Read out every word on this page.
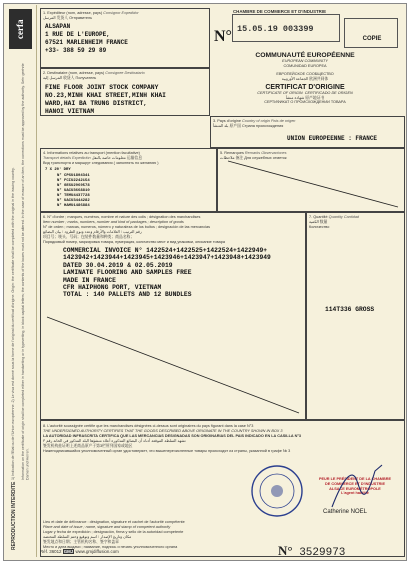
cerfa
1) Indication de l'Etat ou de l'Union européenne. 2) Le visa est donné sous la forme de l'original du certificat d'origine. Origin: the certificate shall be completed with the original in the issuing country.	Information on the certificate of origin shall be completed either in handwriting or in typewriting, in block capital letters; the contents of the boxes must not be altered. In the case of erasure of an item, the corrections must be approved by the authority. Sehr geehrte Damen und Herren.
REPRODUCTION INTERDITE
1. Expéditeur (nom, adresse, pays) Consignor Expedidor
المرسل 发货人 Отправитель
ALSAPAN
1 RUE DE L'EUROPE,
67521 MARLENHEIM FRANCE
+33- 388 59 29 89
N°
CHAMBRE DE COMMERCE ET D'INDUSTRIE
15.05.19 003399
COPIE
COMMUNAUTÉ EUROPÉENNE
EUROPEAN COMMUNITY
COMUNIDAD EUROPEA
ЕВРОПЕЙСКОЕ СООБЩЕСТВО
الجماعة الأوروبية 欧洲共同体
CERTIFICAT D'ORIGINE
CERTIFICATE OF ORIGIN CERTIFICADO DE ORIGEN
شهادة منشأ 原产地证书
СЕРТИФИКАТ О ПРОИСХОЖДЕНИИ ТОВАРА
2. Destinataire (nom, adresse, pays) Consignee Destinatario
المرسل إليه 收货人 Получатель
FINE FLOOR JOINT STOCK COMPANY
NO.23,MINH KHAI STREET,MINH KHAI
WARD,HAI BA TRUNG DISTRICT,
HANOI VIETNAM
3. Pays d'origine Country of origin País de origen
بلد المنشأ 原产国 Страна происхождения
UNION EUROPEENNE : FRANCE
4. Informations relatives au transport (mention facultative)
Transport details Expedición معلومات خاصة بالنقل 运输信息
Вид транспорта и маршрут следования ( заполнять по желанию )
7 X 20' DRY
N° CPSU1804341
N° FCIU2242154
N° GESU2969578
N° UACU3668810
N° TEMU4437728
N° UACU3444282
N° HAMU1486884
5. Remarques Remarks Observaciones
ملاحظات 备注 Для служебных отметок
6. N° d'ordre ; marques, numéros, nombre et nature des colis ; désignation des marchandises
Item number ; marks, numbers, number and kind of packages ; description of goods
N° de orden ; marcas, numeros, número y naturaleza de los bultos ; designación de las mercancias
رقم الترتيب ؛ العلامات والأرقام وعدد ونوع الطرود ؛ بيان البضائع
项目号；唛头、号码；包装件数量和种类；商品名称；
Порядковый номер, маркировка товара, нумерация, количество мест и вид упаковки, описание товара
COMMERCIAL INVOICE N° 1422524+1422525+1422524+1422949+
1423942+1423944+1423945+1423946+1423947+1423948+1423949
DATED 30.04.2019 & 02.05.2019
LAMINATE FLOORING AND SAMPLES FREE
MADE IN FRANCE
CFR HAIPHONG PORT, VIETNAM
TOTAL : 140 PALLETS AND 12 BUNDLES
7. Quantité Quantity Cantidad
الكمية 数量
Количество
114T336 GROSS
8. L'autorité soussignée certifie que les marchandises désignées ci-dessus sont originaires du pays figurant dans la case N°3
THE UNDERSIGNED AUTHORITY CERTIFIES THAT THE GOODS DESCRIBED ABOVE ORIGINATE IN THE COUNTRY SHOWN IN BOX 3
LA AUTORIDAD INFRASCRITA CERTIFICA QUE LAS MERCANCIAS DESIGNADAS SON ORIGINARIAS DEL PAIS INDICADO EN LA CASILLA N°3
تشهد السلطة الموقعة أدناه أن البضائع المذكورة أعلاه منشؤها البلد المذكور في الخانة رقم ٣
签发机构兹证明上述商品原产于第3栏所列国家或地区
Нижеподписавшийся уполномоченный орган удостоверяет, что вышеперечисленные товары происходят из страны, указанной в графе № 3
PEUR LE PRÉSIDENT DE LA CHAMBRE
DE COMMERCE ET D'INDUSTRIE
ALSACE EUROMÉTROPOLE
L'agent habilité
Catherine NOEL
Lieu et date de délivrance : désignation, signature et cachet de l'autorité compétente
Place and date of issue ; name, signature and stamp of competent authority
Lugar y fecha de expedición ; designación, firma y sello de la autoridad competente
مكان وتاريخ الإصدار ؛ اسم وتوقيع وختم السلطة المختصة
签发地点和日期；主管机构名称、签字和盖章
Место и дата выдачи ; название, подпись и печать уполномоченного органа
Réf. 36012 GMJ www.gmjdiffusion.com	N° 3529973
